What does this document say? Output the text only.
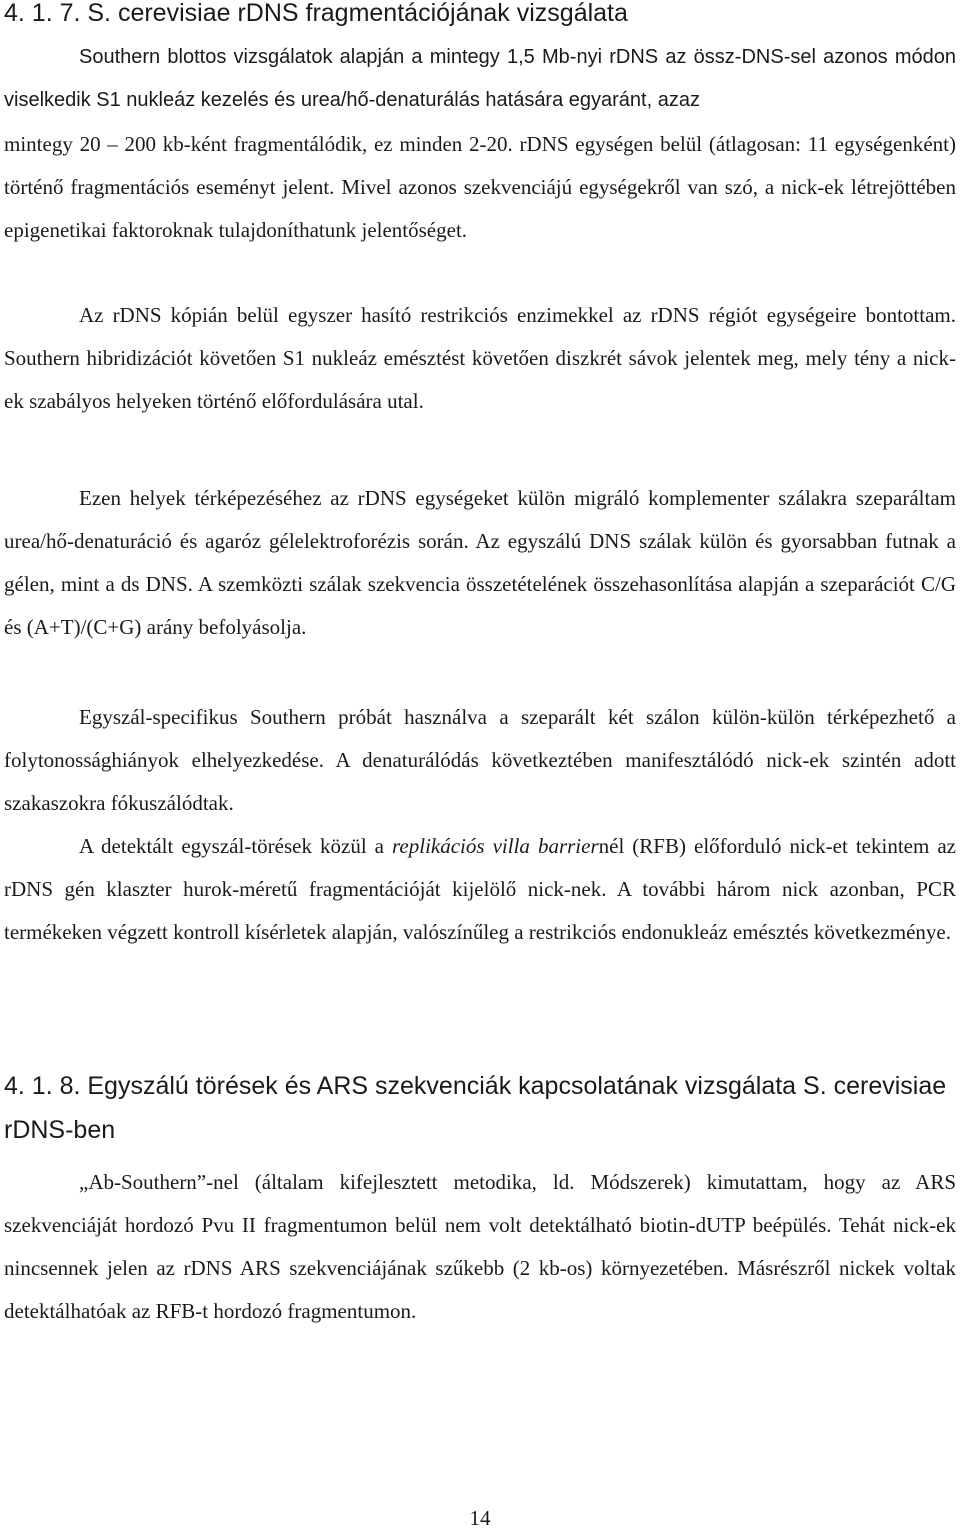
4. 1. 7. S. cerevisiae rDNS fragmentációjának vizsgálata

Southern blottos vizsgálatok alapján a mintegy 1,5 Mb-nyi rDNS az össz-DNS-sel azonos módon viselkedik S1 nukleáz kezelés és urea/hő-denaturálás hatására egyaránt, azaz

mintegy 20 – 200 kb-ként fragmentálódik, ez minden 2-20. rDNS egységen belül (átlagosan: 11 egységenként) történő fragmentációs eseményt jelent. Mivel azonos szekvenciájú egységekről van szó, a nick-ek létrejöttében epigenetikai faktoroknak tulajdoníthatunk jelentőséget.

Az rDNS kópián belül egyszer hasító restrikciós enzimekkel az rDNS régiót egységeire bontottam. Southern hibridizációt követően S1 nukleáz emésztést követően diszkrét sávok jelentek meg, mely tény a nick-ek szabályos helyeken történő előfordulására utal.

Ezen helyek térképezéséhez az rDNS egységeket külön migráló komplementer szálakra szeparáltam urea/hő-denaturáció és agaróz gélelektroforézis során. Az egyszálú DNS szálak külön és gyorsabban futnak a gélen, mint a ds DNS. A szemközti szálak szekvencia összetételének összehasonlítása alapján a szeparációt C/G és (A+T)/(C+G) arány befolyásolja.

Egyszál-specifikus Southern próbát használva a szeparált két szálon külön-külön térképezhető a folytonossághiányok elhelyezkedése. A denaturálódás következtében manifesztálódó nick-ek szintén adott szakaszokra fókuszálódtak.

A detektált egyszál-törések közül a replikációs villa barriernél (RFB) előforduló nick-et tekintem az rDNS gén klaszter hurok-méretű fragmentációját kijelölő nick-nek. A további három nick azonban, PCR termékeken végzett kontroll kísérletek alapján, valószínűleg a restrikciós endonukleáz emésztés következménye.

4. 1. 8. Egyszálú törések és ARS szekvenciák kapcsolatának vizsgálata S. cerevisiae rDNS-ben

„Ab-Southern”-nel (általam kifejlesztett metodika, ld. Módszerek) kimutattam, hogy az ARS szekvenciáját hordozó Pvu II fragmentumon belül nem volt detektálható biotin-dUTP beépülés. Tehát nick-ek nincsennek jelen az rDNS ARS szekvenciájának szűkebb (2 kb-os) környezetében. Másrészről nickek voltak detektálhatóak az RFB-t hordozó fragmentumon.

14
